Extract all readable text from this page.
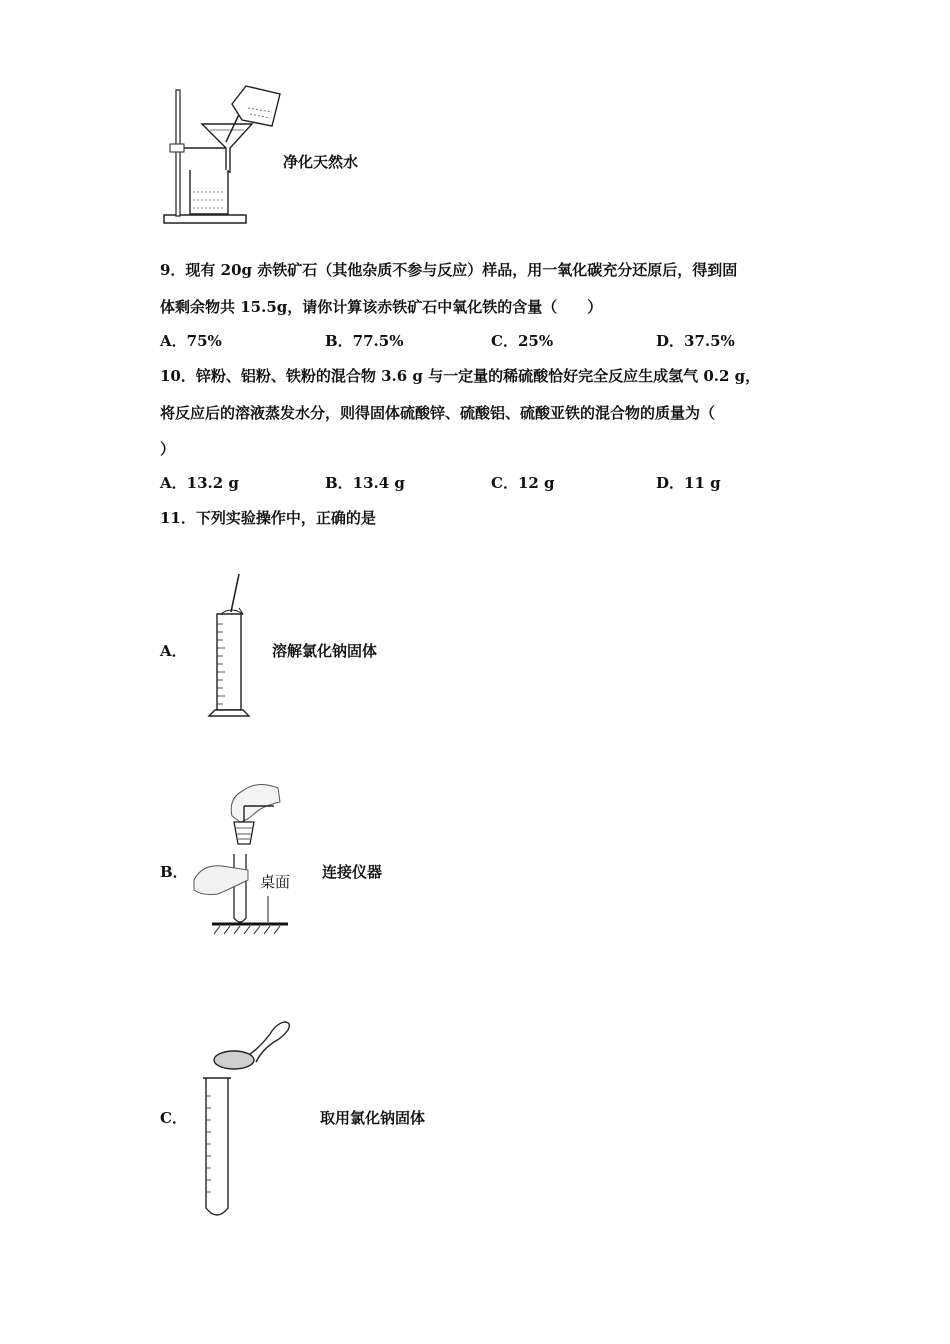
净化天然水
9．现有 20g 赤铁矿石（其他杂质不参与反应）样品，用一氧化碳充分还原后，得到固
体剩余物共 15.5g，请你计算该赤铁矿石中氧化铁的含量（　　）
A．75%	B．77.5%	C．25%	D．37.5%
10．锌粉、铝粉、铁粉的混合物 3.6 g 与一定量的稀硫酸恰好完全反应生成氢气 0.2 g，
将反应后的溶液蒸发水分，则得固体硫酸锌、硫酸铝、硫酸亚铁的混合物的质量为（
）
A．13.2 g	B．13.4 g	C．12 g	D．11 g
11．下列实验操作中，正确的是
A．	溶解氯化钠固体
B．
桌面
连接仪器
C．	取用氯化钠固体
